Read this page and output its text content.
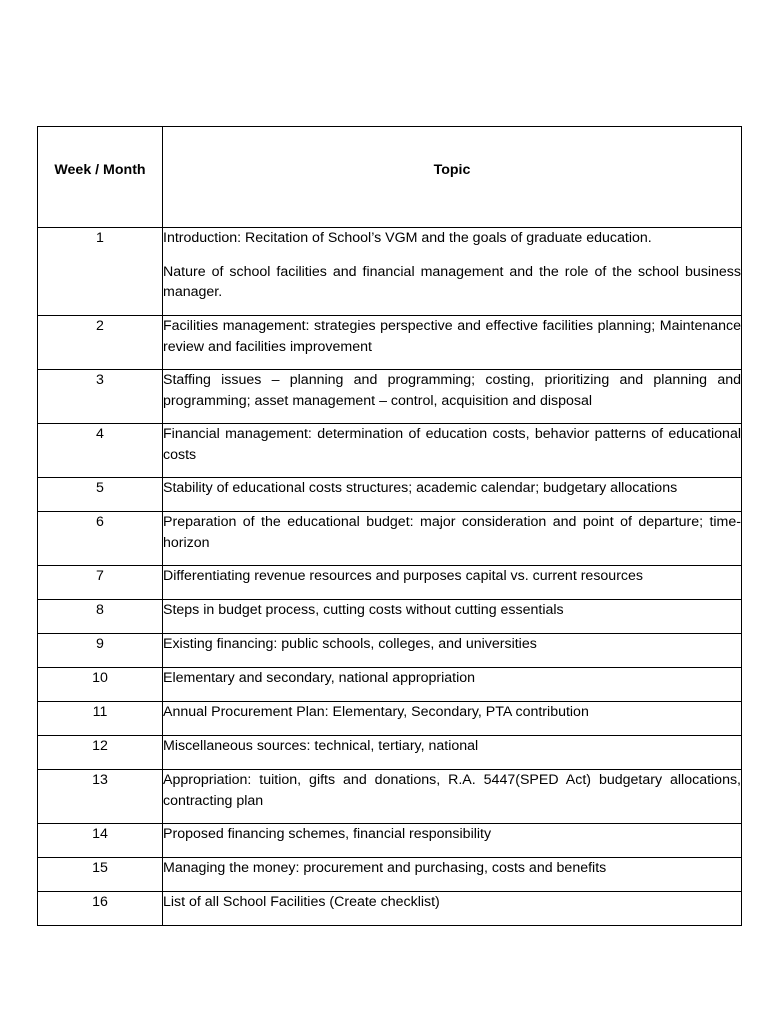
Week / Month	Topic

1	Introduction: Recitation of School’s VGM and the goals of graduate education.

Nature of school facilities and financial management and the role of the school business manager.

2	Facilities management: strategies perspective and effective facilities planning; Maintenance review and facilities improvement

3	Staffing issues – planning and programming; costing, prioritizing and planning and programming; asset management – control, acquisition and disposal

4	Financial management: determination of education costs, behavior patterns of educational costs

5	Stability of educational costs structures; academic calendar; budgetary allocations

6	Preparation of the educational budget: major consideration and point of departure; time-horizon

7	Differentiating revenue resources and purposes capital vs. current resources

8	Steps in budget process, cutting costs without cutting essentials

9	Existing financing: public schools, colleges, and universities

10	Elementary and secondary, national appropriation

11	Annual Procurement Plan: Elementary, Secondary, PTA contribution

12	Miscellaneous sources: technical, tertiary, national

13	Appropriation: tuition, gifts and donations, R.A. 5447(SPED Act) budgetary allocations, contracting plan

14	Proposed financing schemes, financial responsibility

15	Managing the money: procurement and purchasing, costs and benefits

16	List of all School Facilities (Create checklist)
